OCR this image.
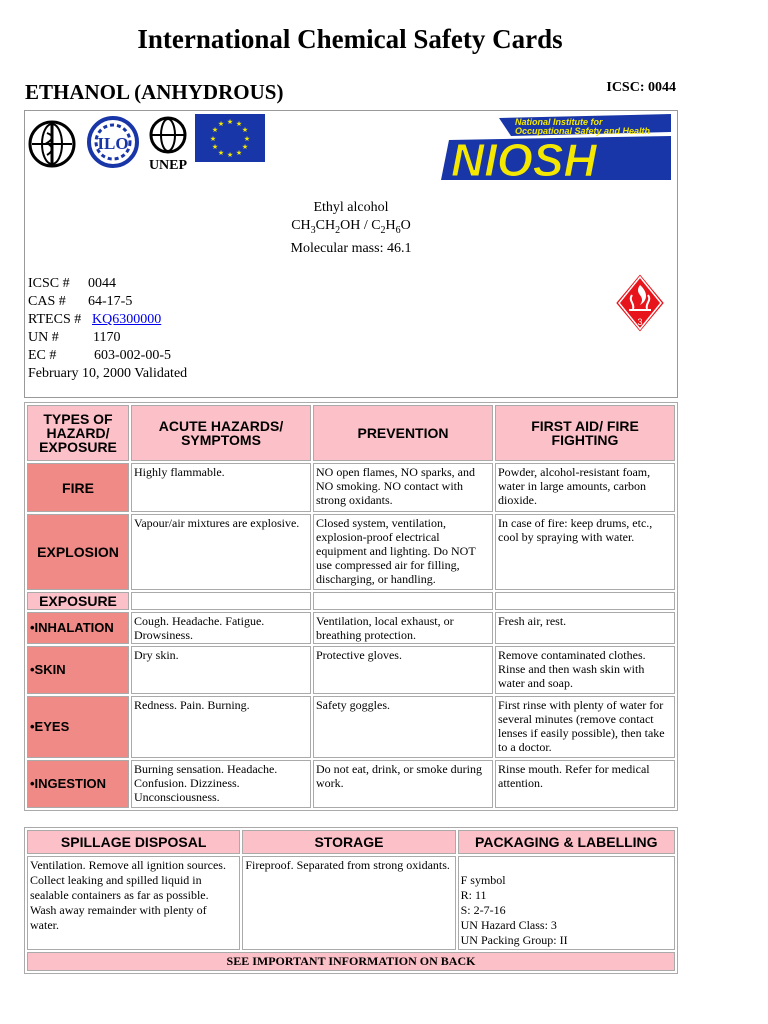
International Chemical Safety Cards
ETHANOL (ANHYDROUS)	ICSC: 0044
ILO
UNEP
★ ★
★
★
★
★
★
★
★
★
★
★	National Institute for
Occupational Safety and Health
NIOSH
Ethyl alcohol
$CH_3CH_2OH / C_2H_6O$
Molecular mass: 46.1
ICSC #	0044
CAS #	64-17-5
RTECS # KQ6300000
UN #	1170
EC #	603-002-00-5
February 10, 2000 Validated
3
TYPES OF HAZARD/ EXPOSURE	ACUTE HAZARDS/ SYMPTOMS	PREVENTION	FIRST AID/ FIRE FIGHTING
FIRE	Highly flammable.	NO open flames, NO sparks, and NO smoking. NO contact with strong oxidants.	Powder, alcohol-resistant foam, water in large amounts, carbon dioxide.
EXPLOSION	Vapour/air mixtures are explosive.	Closed system, ventilation, explosion-proof electrical equipment and lighting. Do NOT use compressed air for filling, discharging, or handling.	In case of fire: keep drums, etc., cool by spraying with water.
EXPOSURE			
•INHALATION	Cough. Headache. Fatigue. Drowsiness.	Ventilation, local exhaust, or breathing protection.	Fresh air, rest.
•SKIN	Dry skin.	Protective gloves.	Remove contaminated clothes. Rinse and then wash skin with water and soap.
•EYES	Redness. Pain. Burning.	Safety goggles.	First rinse with plenty of water for several minutes (remove contact lenses if easily possible), then take to a doctor.
•INGESTION	Burning sensation. Headache. Confusion. Dizziness. Unconsciousness.	Do not eat, drink, or smoke during work.	Rinse mouth. Refer for medical attention.
SPILLAGE DISPOSAL	STORAGE	PACKAGING & LABELLING
Ventilation. Remove all ignition sources. Collect leaking and spilled liquid in sealable containers as far as possible. Wash away remainder with plenty of water.	Fireproof. Separated from strong oxidants.	F symbol
R: 11
S: 2-7-16
UN Hazard Class: 3
UN Packing Group: II

SEE IMPORTANT INFORMATION ON BACK		
